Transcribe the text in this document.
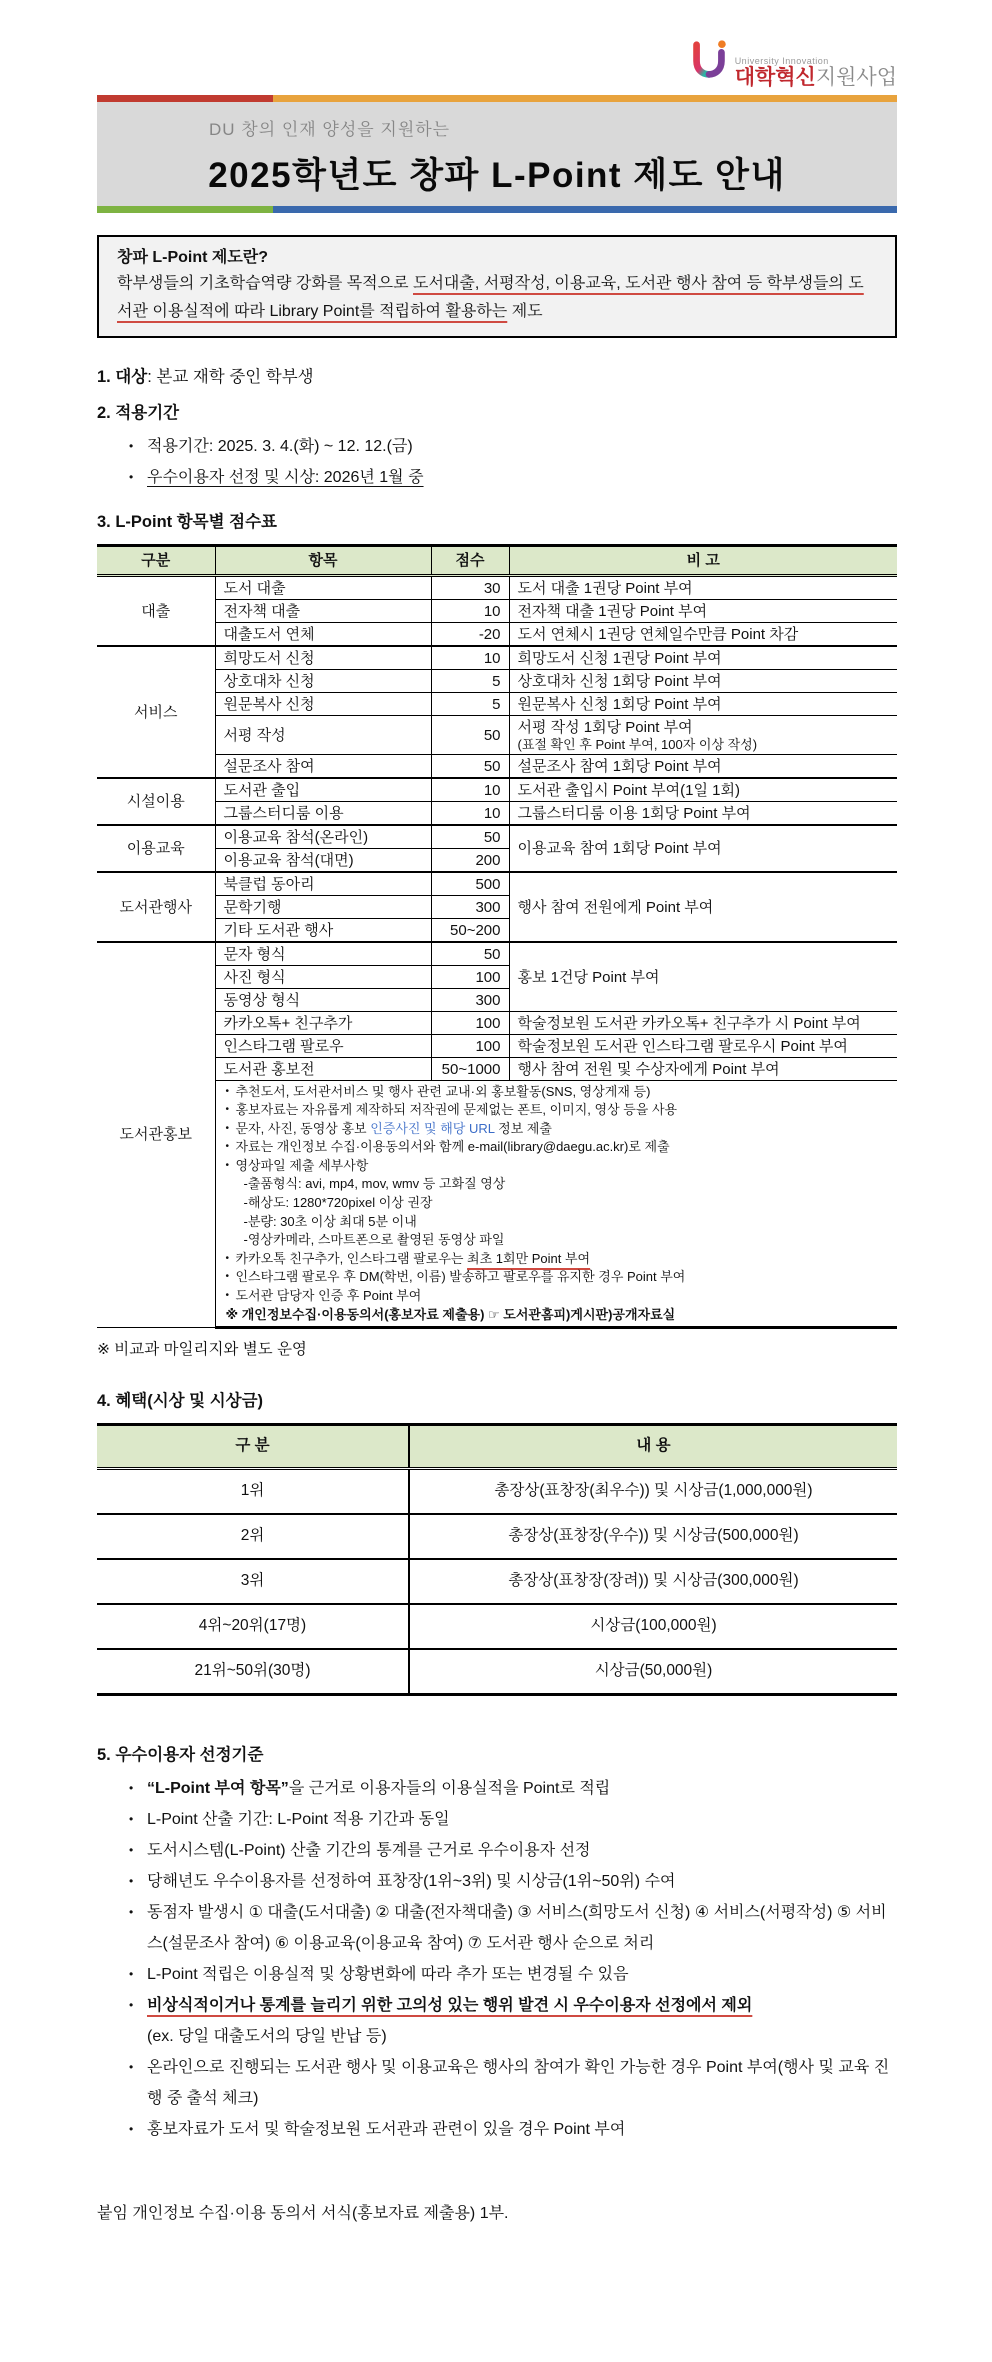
University Innovation
대학혁신지원사업
DU 창의 인재 양성을 지원하는
2025학년도 창파 L-Point 제도 안내
창파 L-Point 제도란?
학부생들의 기초학습역량 강화를 목적으로 도서대출, 서평작성, 이용교육, 도서관 행사 참여 등 학부생들의 도서관 이용실적에 따라 Library Point를 적립하여 활용하는 제도
1. 대상: 본교 재학 중인 학부생
2. 적용기간
• 적용기간: 2025. 3. 4.(화) ~ 12. 12.(금)
• 우수이용자 선정 및 시상: 2026년 1월 중
3. L-Point 항목별 점수표
구분	항목	점수	비 고
대출	도서 대출	30	도서 대출 1권당 Point 부여
	전자책 대출	10	전자책 대출 1권당 Point 부여
	대출도서 연체	-20	도서 연체시 1권당 연체일수만큼 Point 차감
서비스	희망도서 신청	10	희망도서 신청 1권당 Point 부여
	상호대차 신청	5	상호대차 신청 1회당 Point 부여
	원문복사 신청	5	원문복사 신청 1회당 Point 부여
	서평 작성	50	서평 작성 1회당 Point 부여
(표절 확인 후 Point 부여, 100자 이상 작성)

	설문조사 참여	50	설문조사 참여 1회당 Point 부여
시설이용	도서관 출입	10	도서관 출입시 Point 부여(1일 1회)
	그룹스터디룸 이용	10	그룹스터디룸 이용 1회당 Point 부여
이용교육	이용교육 참석(온라인)	50	이용교육 참여 1회당 Point 부여
	이용교육 참석(대면)	200	
도서관행사	북클럽 동아리	500	행사 참여 전원에게 Point 부여
	문학기행	300	
	기타 도서관 행사	50~200	
도서관홍보	문자 형식	50	홍보 1건당 Point 부여
	사진 형식	100	
	동영상 형식	300	
	카카오톡+ 친구추가	100	학술정보원 도서관 카카오톡+ 친구추가 시 Point 부여
	인스타그램 팔로우	100	학술정보원 도서관 인스타그램 팔로우시 Point 부여
	도서관 홍보전	50~1000	행사 참여 전원 및 수상자에게 Point 부여

• 추천도서, 도서관서비스 및 행사 관련 교내·외 홍보활동(SNS, 영상게재 등)
• 홍보자료는 자유롭게 제작하되 저작권에 문제없는 폰트, 이미지, 영상 등을 사용
• 문자, 사진, 동영상 홍보 인증사진 및 해당 URL 정보 제출
• 자료는 개인정보 수집·이용동의서와 함께 e-mail(library@daegu.ac.kr)로 제출
• 영상파일 제출 세부사항
-출품형식: avi, mp4, mov, wmv 등 고화질 영상
-해상도: 1280*720pixel 이상 권장
-분량: 30초 이상 최대 5분 이내
-영상카메라, 스마트폰으로 촬영된 동영상 파일
• 카카오톡 친구추가, 인스타그램 팔로우는 최초 1회만 Point 부여
• 인스타그램 팔로우 후 DM(학번, 이름) 발송하고 팔로우를 유지한 경우 Point 부여
• 도서관 담당자 인증 후 Point 부여
※ 개인정보수집·이용동의서(홍보자료 제출용) ☞ 도서관홈피)게시판)공개자료실
※ 비교과 마일리지와 별도 운영
4. 혜택(시상 및 시상금)
구 분	내 용
1위	총장상(표창장(최우수)) 및 시상금(1,000,000원)
2위	총장상(표창장(우수)) 및 시상금(500,000원)
3위	총장상(표창장(장려)) 및 시상금(300,000원)
4위~20위(17명)	시상금(100,000원)
21위~50위(30명)	시상금(50,000원)
5. 우수이용자 선정기준
• “L-Point 부여 항목”을 근거로 이용자들의 이용실적을 Point로 적립
• L-Point 산출 기간: L-Point 적용 기간과 동일
• 도서시스템(L-Point) 산출 기간의 통계를 근거로 우수이용자 선정
• 당해년도 우수이용자를 선정하여 표창장(1위~3위) 및 시상금(1위~50위) 수여
• 동점자 발생시 ① 대출(도서대출) ② 대출(전자책대출) ③ 서비스(희망도서 신청) ④ 서비스(서평작성) ⑤ 서비스(설문조사 참여) ⑥ 이용교육(이용교육 참여) ⑦ 도서관 행사 순으로 처리
• L-Point 적립은 이용실적 및 상황변화에 따라 추가 또는 변경될 수 있음
• 비상식적이거나 통계를 늘리기 위한 고의성 있는 행위 발견 시 우수이용자 선정에서 제외
(ex. 당일 대출도서의 당일 반납 등)
• 온라인으로 진행되는 도서관 행사 및 이용교육은 행사의 참여가 확인 가능한 경우 Point 부여(행사 및 교육 진행 중 출석 체크)
• 홍보자료가 도서 및 학술정보원 도서관과 관련이 있을 경우 Point 부여
붙임 개인정보 수집·이용 동의서 서식(홍보자료 제출용) 1부.
